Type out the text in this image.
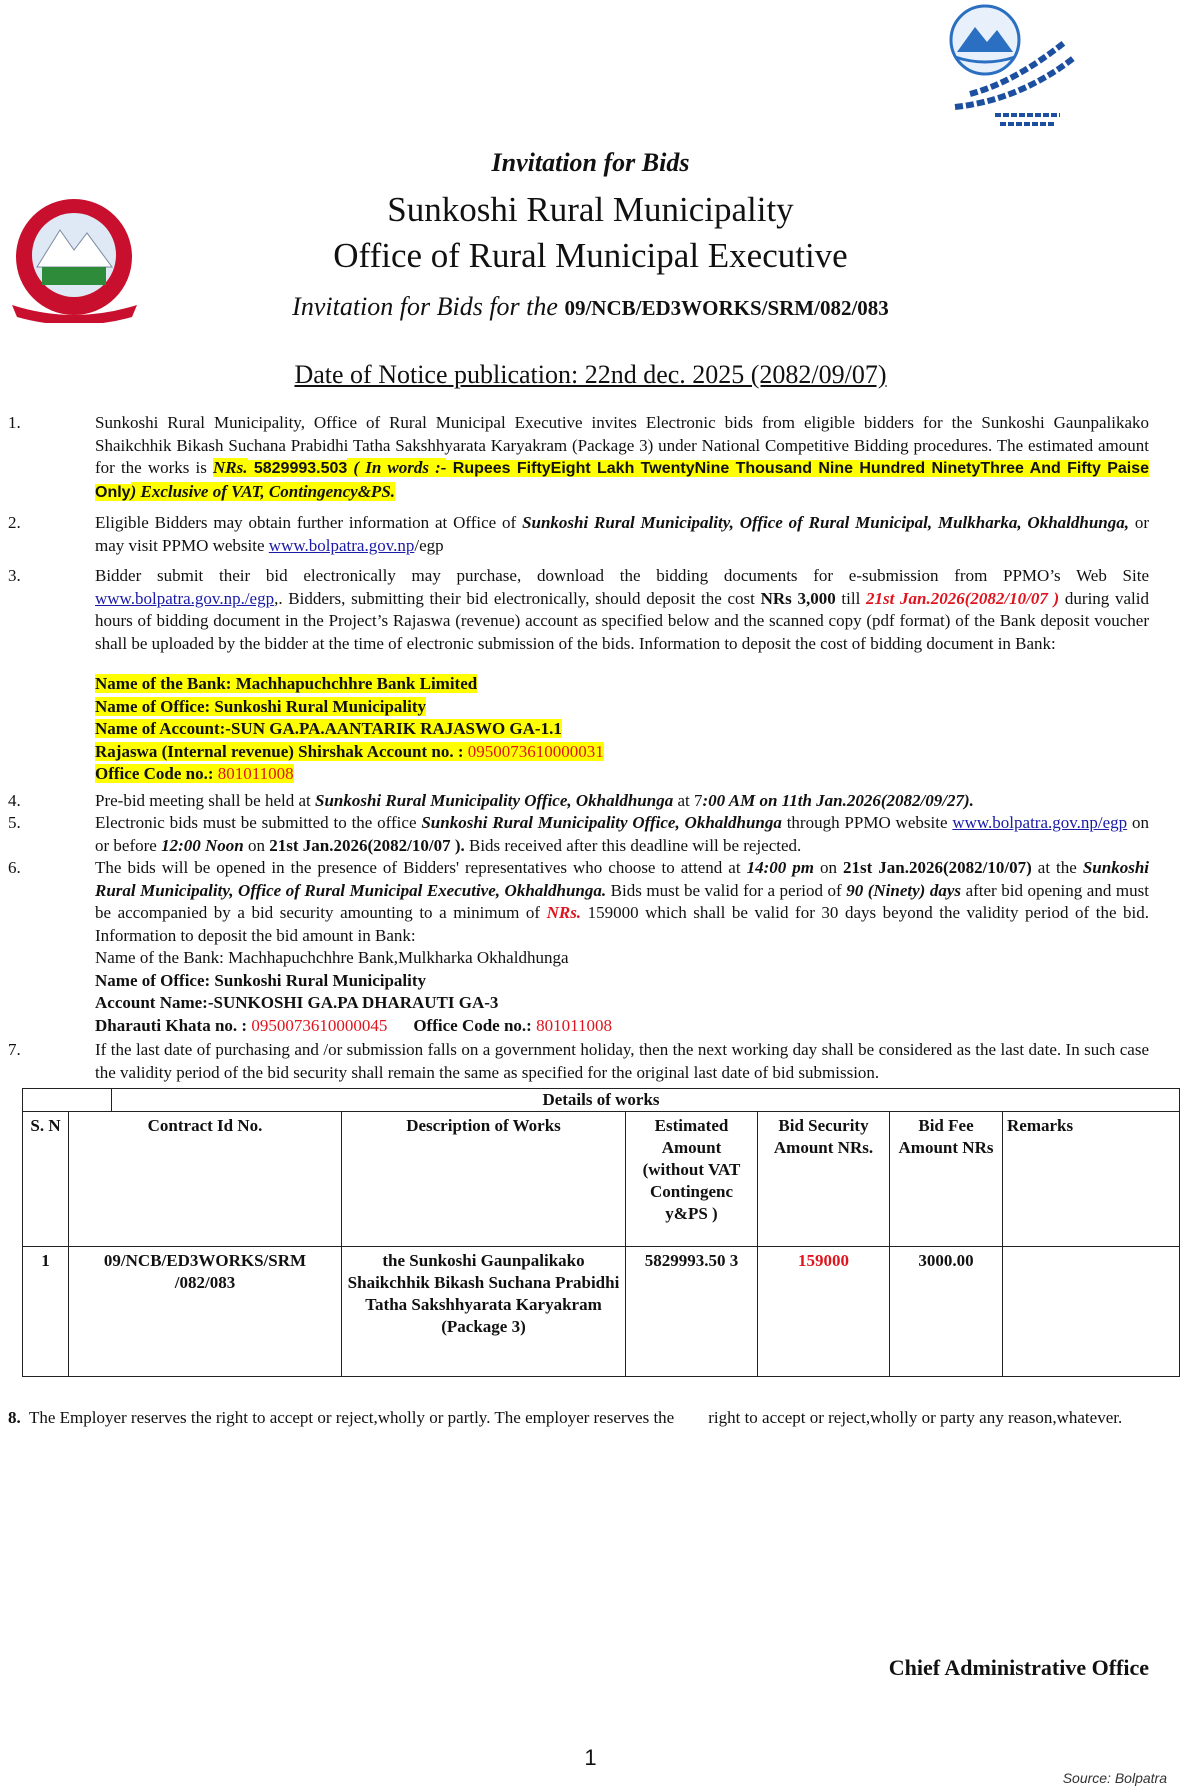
Invitation for Bids
Sunkoshi Rural Municipality
Office of Rural Municipal Executive
Invitation for Bids for the 09/NCB/ED3WORKS/SRM/082/083
Date of Notice publication: 22nd dec. 2025 (2082/09/07)
1.	Sunkoshi Rural Municipality, Office of Rural Municipal Executive invites Electronic bids from eligible bidders for the Sunkoshi Gaunpalikako Shaikchhik Bikash Suchana Prabidhi Tatha Sakshhyarata Karyakram (Package 3) under National Competitive Bidding procedures. The estimated amount for the works is NRs. 5829993.503 ( In words :- Rupees FiftyEight Lakh TwentyNine Thousand Nine Hundred NinetyThree And Fifty Paise Only) Exclusive of VAT, Contingency&PS.
2.	Eligible Bidders may obtain further information at Office of Sunkoshi Rural Municipality, Office of Rural Municipal, Mulkharka, Okhaldhunga, or may visit PPMO website www.bolpatra.gov.np/egp
3.	Bidder submit their bid electronically may purchase, download the bidding documents for e-submission from PPMO’s Web Site www.bolpatra.gov.np./egp,. Bidders, submitting their bid electronically, should deposit the cost NRs 3,000 till 21st Jan.2026(2082/10/07 ) during valid hours of bidding document in the Project’s Rajaswa (revenue) account as specified below and the scanned copy (pdf format) of the Bank deposit voucher shall be uploaded by the bidder at the time of electronic submission of the bids. Information to deposit the cost of bidding document in Bank:
Name of the Bank: Machhapuchchhre Bank Limited
Name of Office: Sunkoshi Rural Municipality
Name of Account:-SUN GA.PA.AANTARIK RAJASWO GA-1.1
Rajaswa (Internal revenue) Shirshak Account no. : 0950073610000031
Office Code no.: 801011008
4.	Pre-bid meeting shall be held at Sunkoshi Rural Municipality Office, Okhaldhunga at 7:00 AM on 11th Jan.2026(2082/09/27).
5.	Electronic bids must be submitted to the office Sunkoshi Rural Municipality Office, Okhaldhunga through PPMO website www.bolpatra.gov.np/egp on or before 12:00 Noon on 21st Jan.2026(2082/10/07 ). Bids received after this deadline will be rejected.
6.	The bids will be opened in the presence of Bidders' representatives who choose to attend at 14:00 pm on 21st Jan.2026(2082/10/07) at the Sunkoshi Rural Municipality, Office of Rural Municipal Executive, Okhaldhunga. Bids must be valid for a period of 90 (Ninety) days after bid opening and must be accompanied by a bid security amounting to a minimum of NRs. 159000 which shall be valid for 30 days beyond the validity period of the bid. Information to deposit the bid amount in Bank:
Name of the Bank: Machhapuchchhre Bank,Mulkharka Okhaldhunga
Name of Office: Sunkoshi Rural Municipality
Account Name:-SUNKOSHI GA.PA DHARAUTI GA-3
Dharauti Khata no. : 0950073610000045 Office Code no.: 801011008
7.	If the last date of purchasing and /or submission falls on a government holiday, then the next working day shall be considered as the last date. In such case the validity period of the bid security shall remain the same as specified for the original last date of bid submission.
Details of works						

S. N	Contract Id No.	Description of Works	Estimated Amount (without VAT Contingenc y&PS )	Bid Security Amount NRs.	Bid Fee Amount NRs	Remarks
1	09/NCB/ED3WORKS/SRM /082/083	the Sunkoshi Gaunpalikako Shaikchhik Bikash Suchana Prabidhi Tatha Sakshhyarata Karyakram (Package 3)	5829993.50 3	159000	3000.00	
8. The Employer reserves the right to accept or reject,wholly or partly. The employer reserves the        right to accept or reject,wholly or party any reason,whatever.
Chief Administrative Office
1
Source: Bolpatra
